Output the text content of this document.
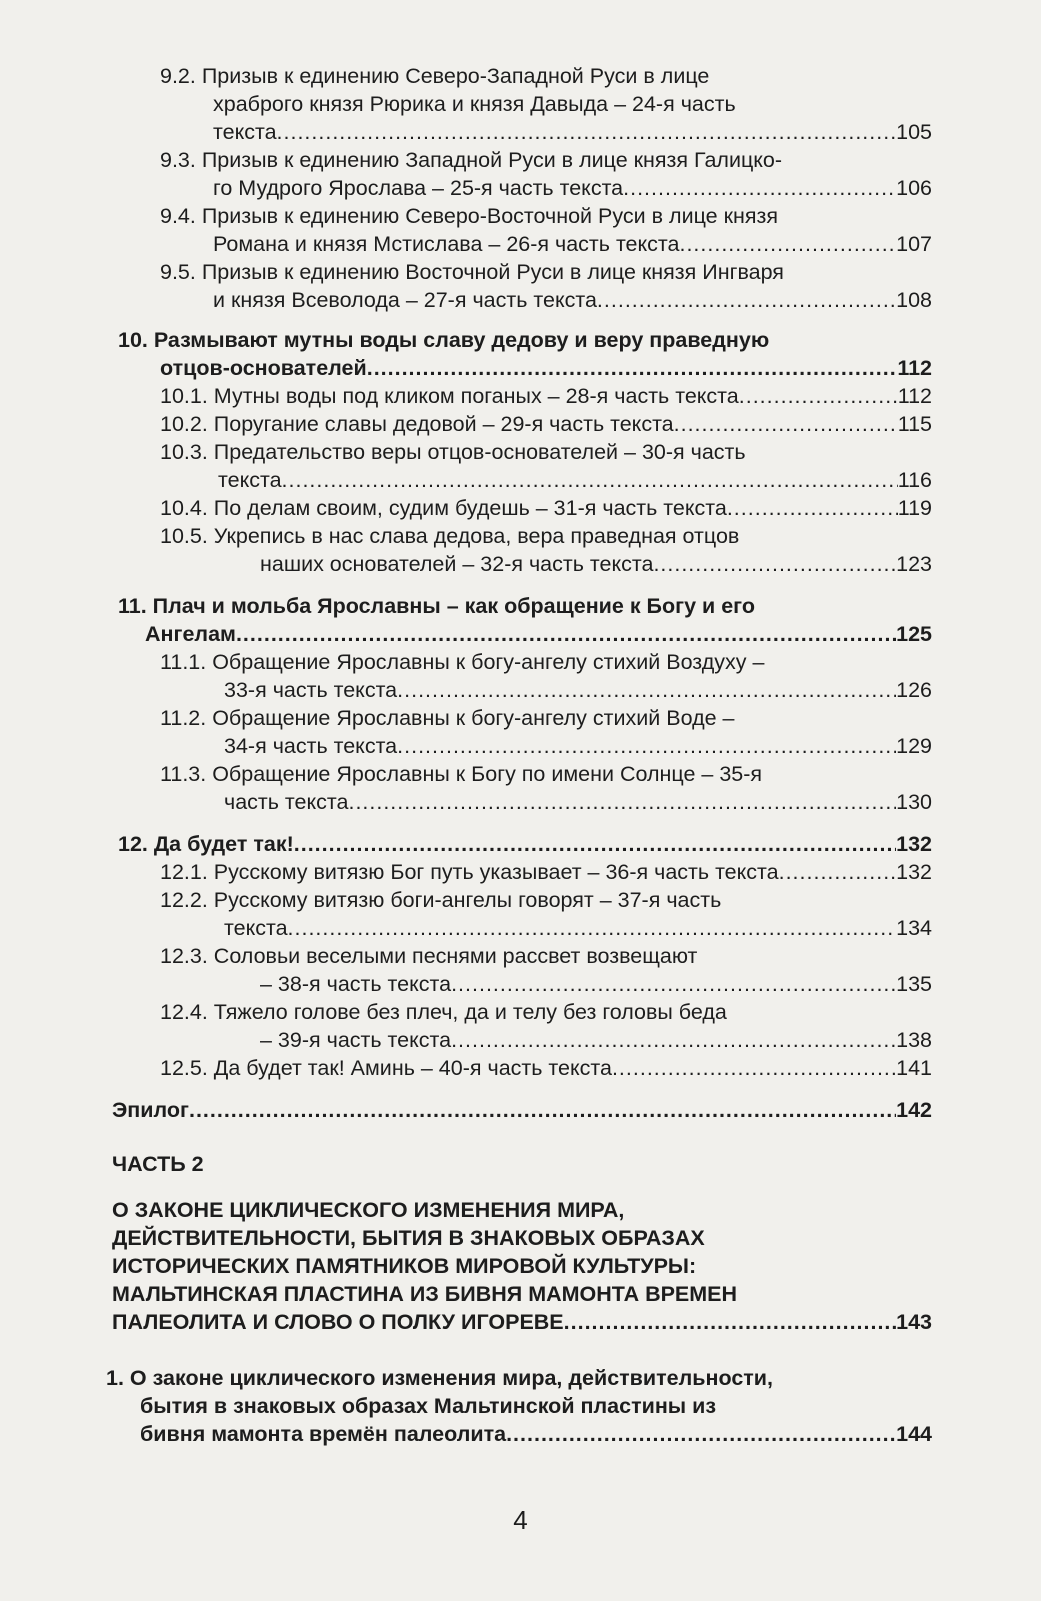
9.2. Призыв к единению Северо-Западной Руси в лице
храброго князя Рюрика и князя Давыда – 24-я часть
текста .....	105
9.3. Призыв к единению Западной Руси в лице князя Галицко-
го Мудрого Ярослава – 25-я часть текста .....	106
9.4. Призыв к единению Северо-Восточной Руси в лице князя
Романа и князя Мстислава – 26-я часть текста .....	107
9.5. Призыв к единению Восточной Руси в лице князя Ингваря
и князя Всеволода – 27-я часть текста .....	108
10. Размывают мутны воды славу дедову и веру праведную
отцов-основателей .....	112
10.1. Мутны воды под кликом поганых – 28-я часть текста .....	112
10.2. Поругание славы дедовой – 29-я часть текста .....	115
10.3. Предательство веры отцов-основателей – 30-я часть
текста .....	116
10.4. По делам своим, судим будешь – 31-я часть текста .....	119
10.5. Укрепись в нас слава дедова, вера праведная отцов
наших основателей – 32-я часть текста .....	123
11. Плач и мольба Ярославны – как обращение к Богу и его
Ангелам .....	125
11.1. Обращение Ярославны к богу-ангелу стихий Воздуху –
33-я часть текста .....	126
11.2. Обращение Ярославны к богу-ангелу стихий Воде –
34-я часть текста .....	129
11.3. Обращение Ярославны к Богу по имени Солнце – 35-я
часть текста .....	130
12. Да будет так! .....	132
12.1. Русскому витязю Бог путь указывает – 36-я часть текста .....	132
12.2. Русскому витязю боги-ангелы говорят – 37-я часть
текста .....	134
12.3. Соловьи веселыми песнями рассвет возвещают
– 38-я часть текста .....	135
12.4. Тяжело голове без плеч, да и телу без головы беда
– 39-я часть текста .....	138
12.5. Да будет так! Аминь – 40-я часть текста .....	141
Эпилог .....	142
ЧАСТЬ 2
О ЗАКОНЕ ЦИКЛИЧЕСКОГО ИЗМЕНЕНИЯ МИРА,
ДЕЙСТВИТЕЛЬНОСТИ, БЫТИЯ В ЗНАКОВЫХ ОБРАЗАХ
ИСТОРИЧЕСКИХ ПАМЯТНИКОВ МИРОВОЙ КУЛЬТУРЫ:
МАЛЬТИНСКАЯ ПЛАСТИНА ИЗ БИВНЯ МАМОНТА ВРЕМЕН
ПАЛЕОЛИТА И СЛОВО О ПОЛКУ ИГОРЕВЕ .....	143
1. О законе циклического изменения мира, действительности,
бытия в знаковых образах Мальтинской пластины из
бивня мамонта времён палеолита .....	144
4
